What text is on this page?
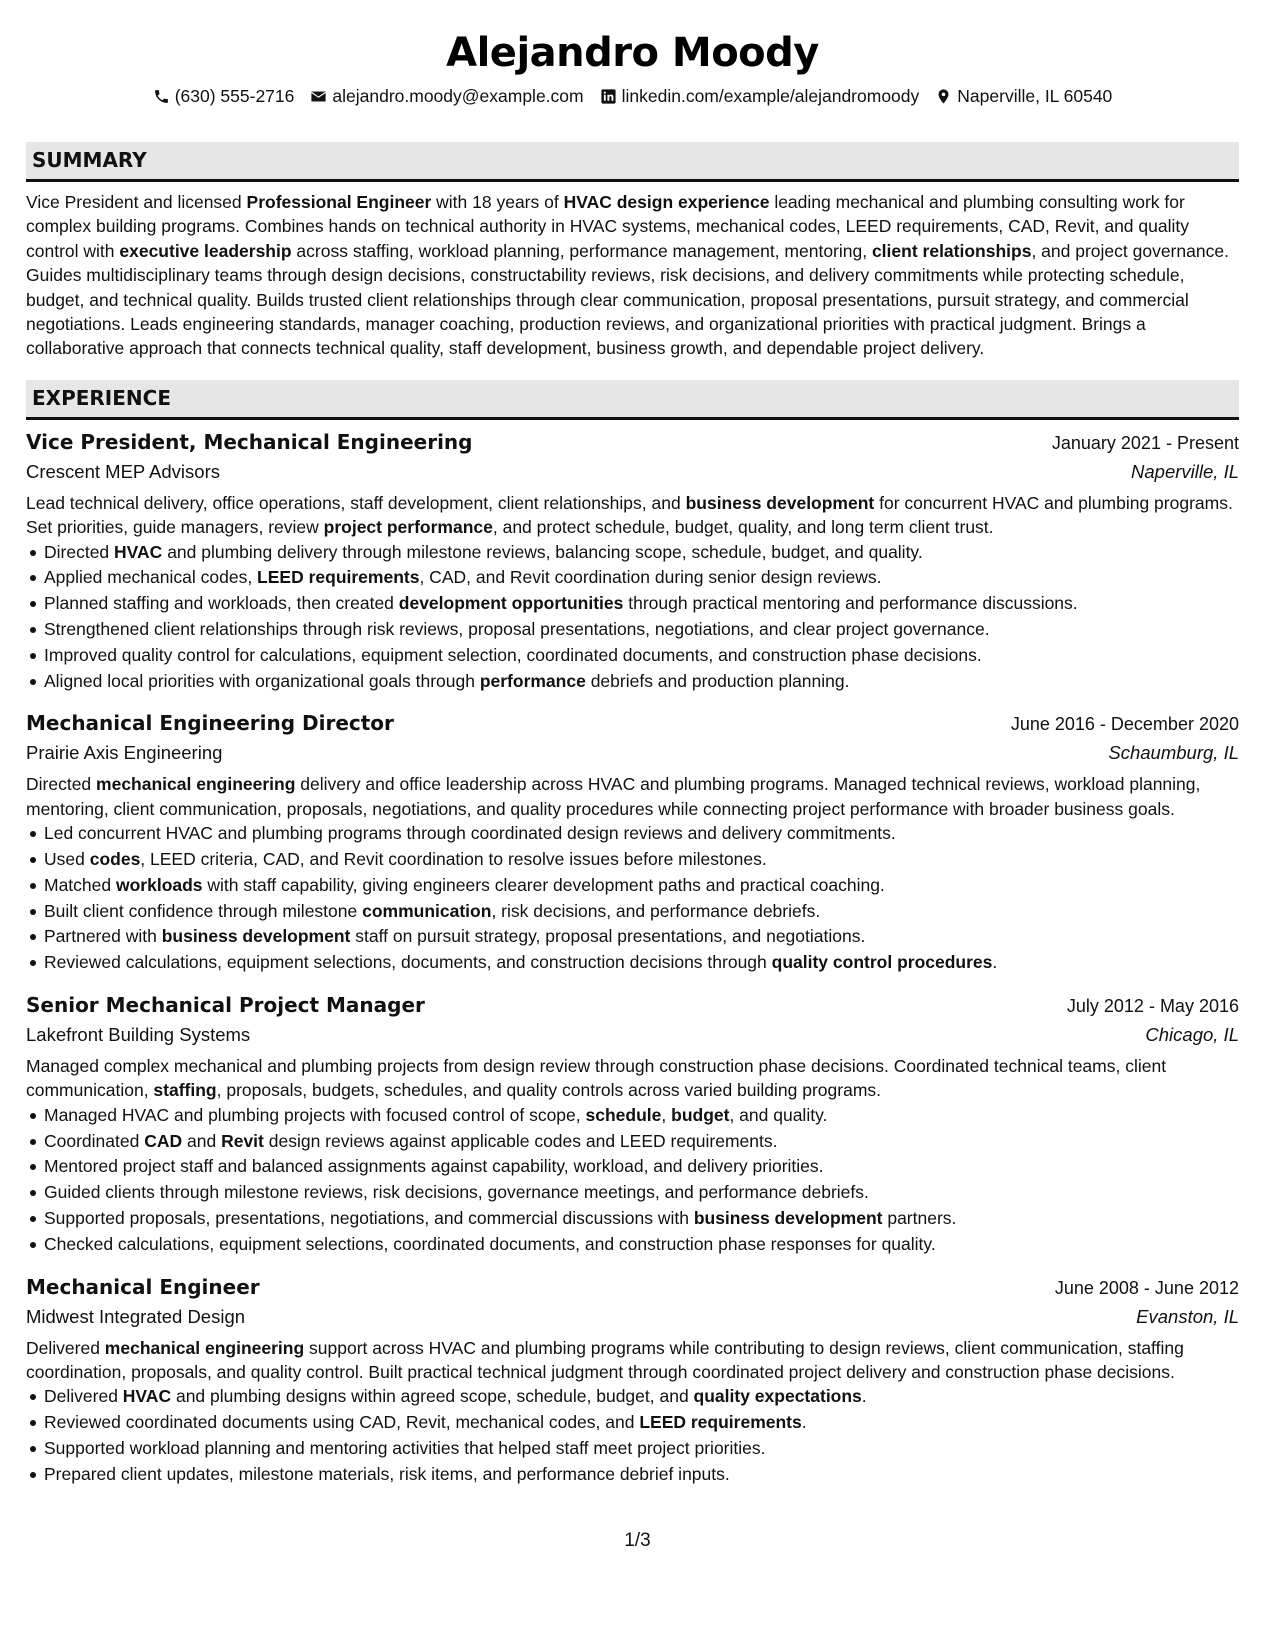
Alejandro Moody
(630) 555-2716 alejandro.moody@example.com linkedin.com/example/alejandromoody Naperville, IL 60540
SUMMARY

Vice President and licensed Professional Engineer with 18 years of HVAC design experience leading mechanical and plumbing consulting work for complex building programs. Combines hands on technical authority in HVAC systems, mechanical codes, LEED requirements, CAD, Revit, and quality control with executive leadership across staffing, workload planning, performance management, mentoring, client relationships, and project governance. Guides multidisciplinary teams through design decisions, constructability reviews, risk decisions, and delivery commitments while protecting schedule, budget, and technical quality. Builds trusted client relationships through clear communication, proposal presentations, pursuit strategy, and commercial negotiations. Leads engineering standards, manager coaching, production reviews, and organizational priorities with practical judgment. Brings a collaborative approach that connects technical quality, staff development, business growth, and dependable project delivery.

EXPERIENCE
Vice President, Mechanical Engineering	January 2021 - Present
Crescent MEP Advisors	Naperville, IL

Lead technical delivery, office operations, staff development, client relationships, and business development for concurrent HVAC and plumbing programs. Set priorities, guide managers, review project performance, and protect schedule, budget, quality, and long term client trust.

Directed HVAC and plumbing delivery through milestone reviews, balancing scope, schedule, budget, and quality.
Applied mechanical codes, LEED requirements, CAD, and Revit coordination during senior design reviews.
Planned staffing and workloads, then created development opportunities through practical mentoring and performance discussions.
Strengthened client relationships through risk reviews, proposal presentations, negotiations, and clear project governance.
Improved quality control for calculations, equipment selection, coordinated documents, and construction phase decisions.
Aligned local priorities with organizational goals through performance debriefs and production planning.
Mechanical Engineering Director	June 2016 - December 2020
Prairie Axis Engineering	Schaumburg, IL

Directed mechanical engineering delivery and office leadership across HVAC and plumbing programs. Managed technical reviews, workload planning, mentoring, client communication, proposals, negotiations, and quality procedures while connecting project performance with broader business goals.

Led concurrent HVAC and plumbing programs through coordinated design reviews and delivery commitments.
Used codes, LEED criteria, CAD, and Revit coordination to resolve issues before milestones.
Matched workloads with staff capability, giving engineers clearer development paths and practical coaching.
Built client confidence through milestone communication, risk decisions, and performance debriefs.
Partnered with business development staff on pursuit strategy, proposal presentations, and negotiations.
Reviewed calculations, equipment selections, documents, and construction decisions through quality control procedures.
Senior Mechanical Project Manager	July 2012 - May 2016
Lakefront Building Systems	Chicago, IL

Managed complex mechanical and plumbing projects from design review through construction phase decisions. Coordinated technical teams, client communication, staffing, proposals, budgets, schedules, and quality controls across varied building programs.

Managed HVAC and plumbing projects with focused control of scope, schedule, budget, and quality.
Coordinated CAD and Revit design reviews against applicable codes and LEED requirements.
Mentored project staff and balanced assignments against capability, workload, and delivery priorities.
Guided clients through milestone reviews, risk decisions, governance meetings, and performance debriefs.
Supported proposals, presentations, negotiations, and commercial discussions with business development partners.
Checked calculations, equipment selections, coordinated documents, and construction phase responses for quality.
Mechanical Engineer	June 2008 - June 2012
Midwest Integrated Design	Evanston, IL

Delivered mechanical engineering support across HVAC and plumbing programs while contributing to design reviews, client communication, staffing coordination, proposals, and quality control. Built practical technical judgment through coordinated project delivery and construction phase decisions.

Delivered HVAC and plumbing designs within agreed scope, schedule, budget, and quality expectations.
Reviewed coordinated documents using CAD, Revit, mechanical codes, and LEED requirements.
Supported workload planning and mentoring activities that helped staff meet project priorities.
Prepared client updates, milestone materials, risk items, and performance debrief inputs.
1/3
